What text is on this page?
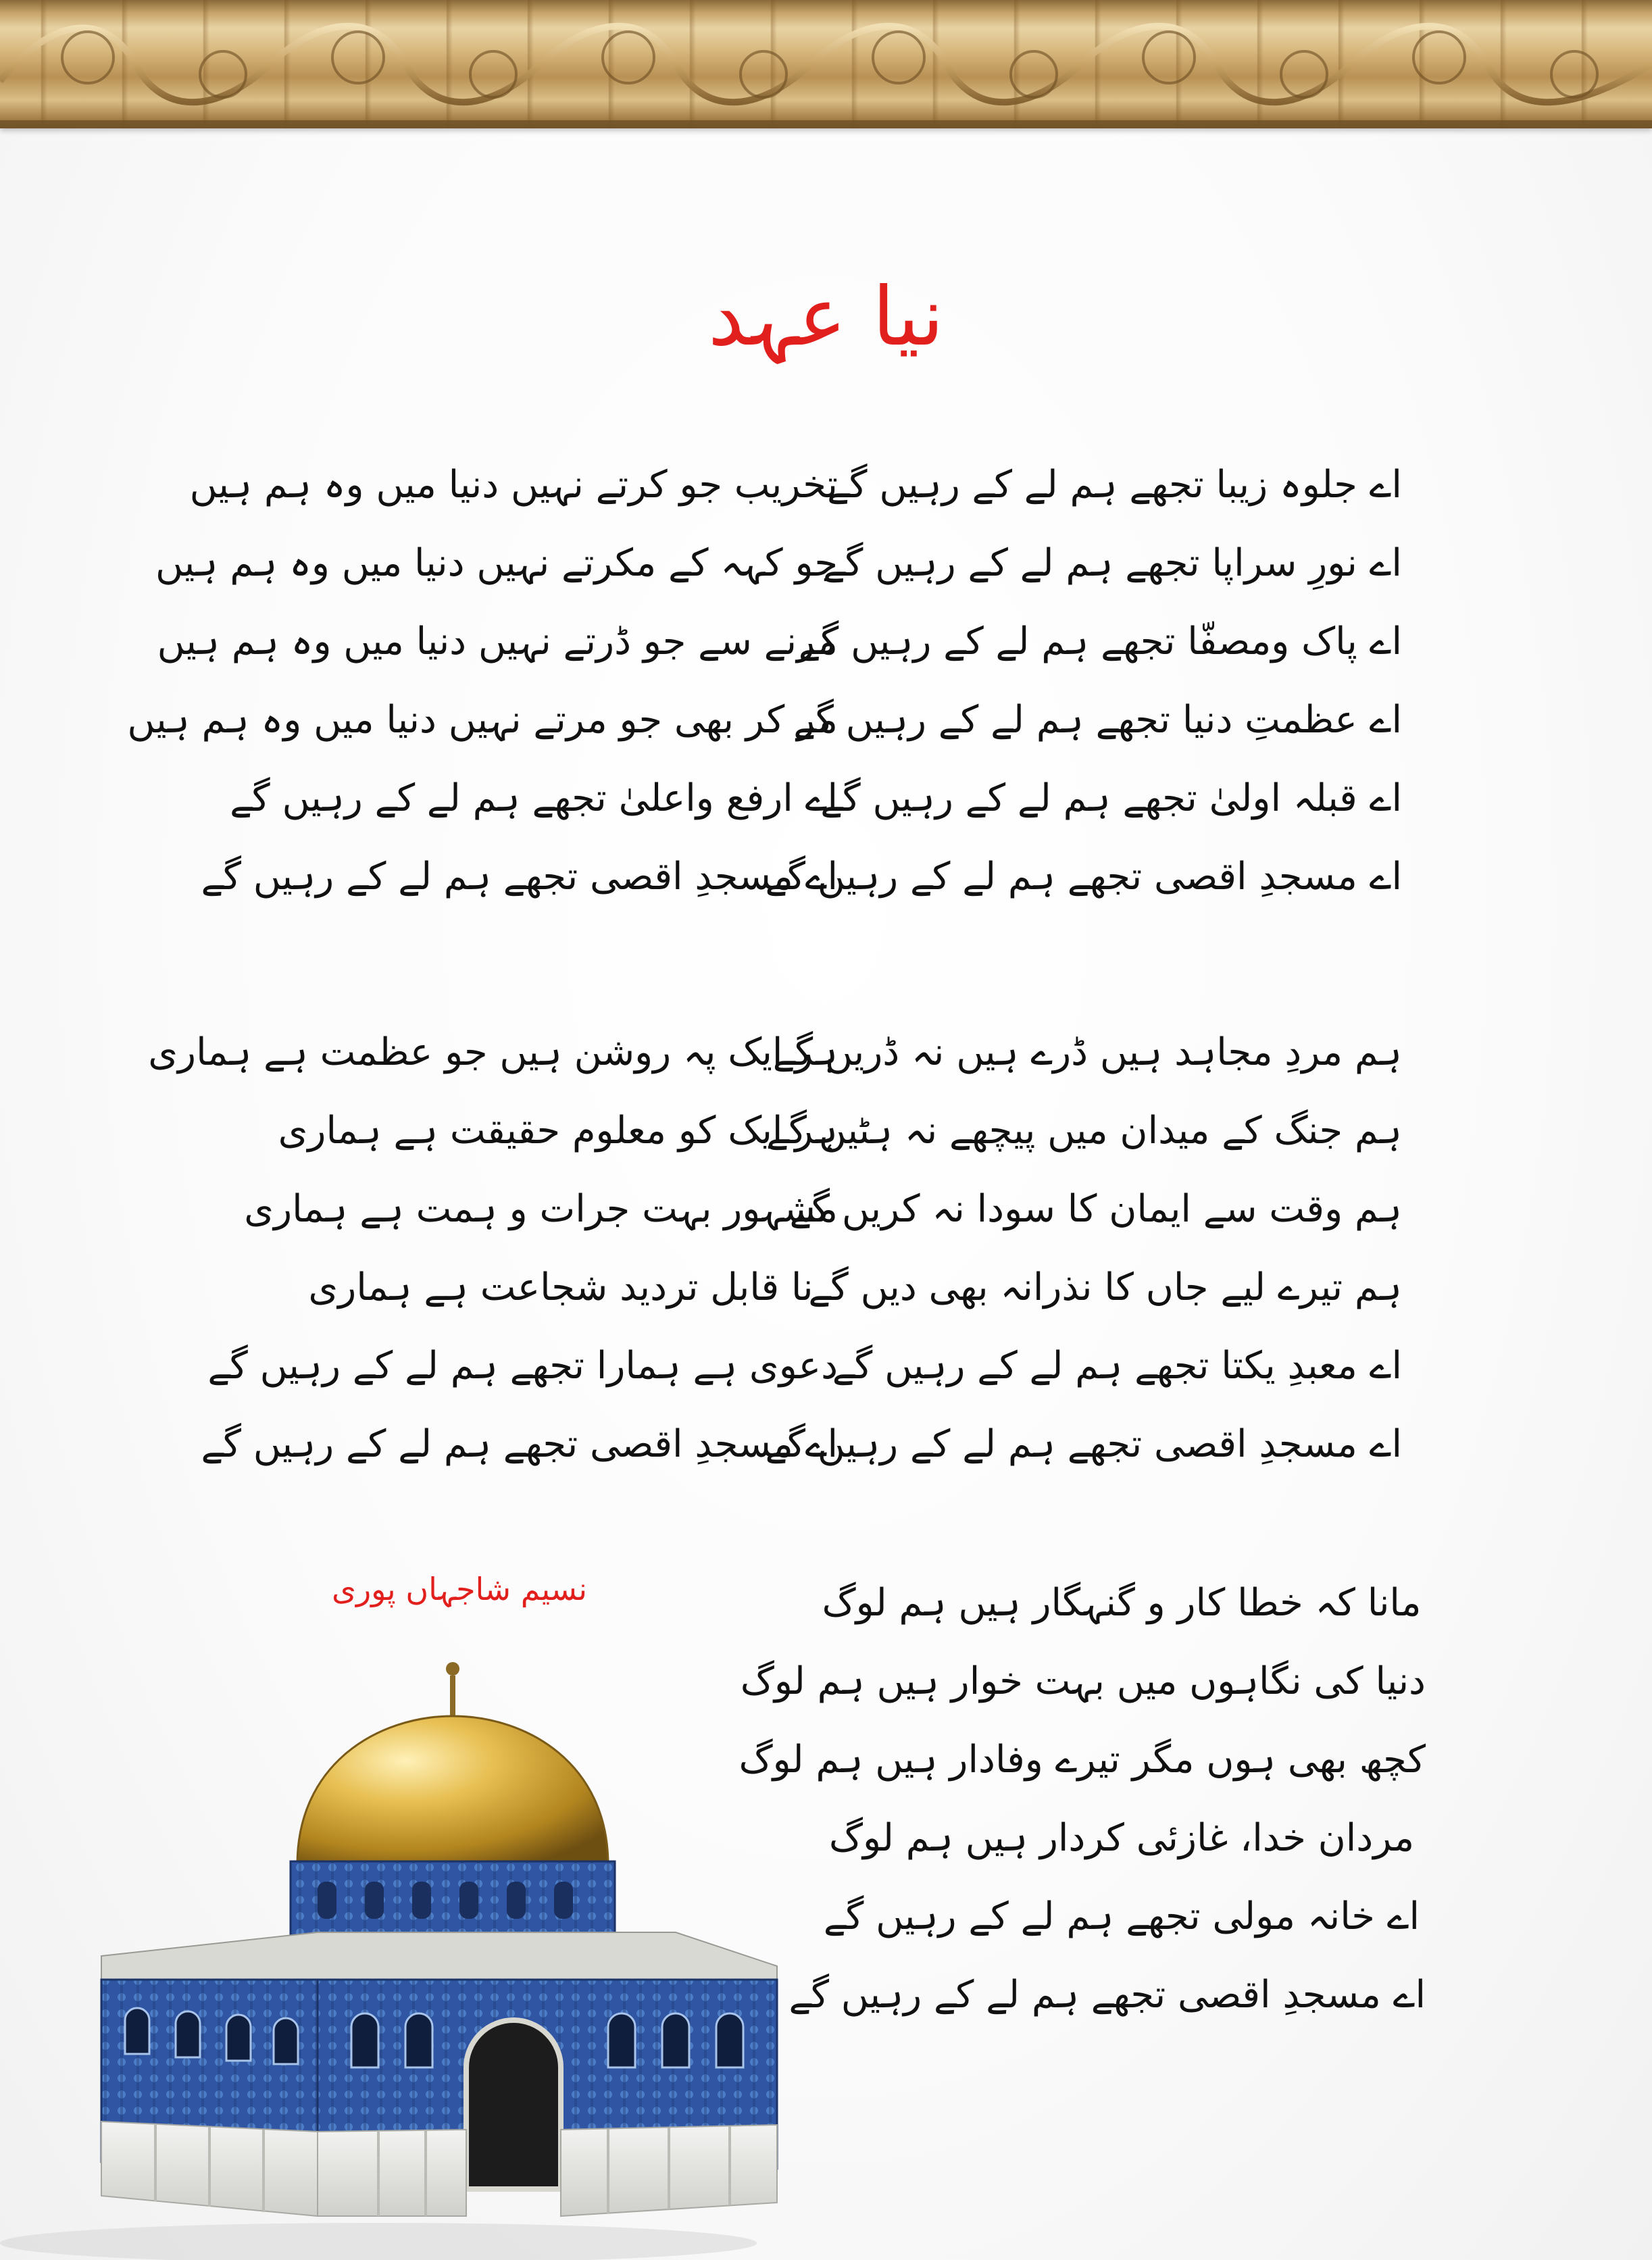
نیا عہد
اے جلوہ زیبا تجھے ہم لے کے رہیں گے
اے نورِ سراپا تجھے ہم لے کے رہیں گے
اے پاک ومصفّا تجھے ہم لے کے رہیں گے
اے عظمتِ دنیا تجھے ہم لے کے رہیں گے
اے قبلہ اولیٰ تجھے ہم لے کے رہیں گے
اے مسجدِ اقصی تجھے ہم لے کے رہیں گے
تخریب جو کرتے نہیں دنیا میں وہ ہم ہیں
جو کہہ کے مکرتے نہیں دنیا میں وہ ہم ہیں
مرنے سے جو ڈرتے نہیں دنیا میں وہ ہم ہیں
مر کر بھی جو مرتے نہیں دنیا میں وہ ہم ہیں
اے ارفع واعلیٰ تجھے ہم لے کے رہیں گے
اے مسجدِ اقصی تجھے ہم لے کے رہیں گے
ہم مردِ مجاہد ہیں ڈرے ہیں نہ ڈریں گے
ہم جنگ کے میدان میں پیچھے نہ ہٹیں گے
ہم وقت سے ایمان کا سودا نہ کریں گے
ہم تیرے لیے جاں کا نذرانہ بھی دیں گے
اے معبدِ یکتا تجھے ہم لے کے رہیں گے
اے مسجدِ اقصی تجھے ہم لے کے رہیں گے
ہر ایک پہ روشن ہیں جو عظمت ہے ہماری
ہر ایک کو معلوم حقیقت ہے ہماری
مشہور بہت جرات و ہمت ہے ہماری
نا قابل تردید شجاعت ہے ہماری
دعوی ہے ہمارا تجھے ہم لے کے رہیں گے
اے مسجدِ اقصی تجھے ہم لے کے رہیں گے
مانا کہ خطا کار و گنہگار ہیں ہم لوگ
دنیا کی نگاہوں میں بہت خوار ہیں ہم لوگ
کچھ بھی ہوں مگر تیرے وفادار ہیں ہم لوگ
مردان خدا، غازئی کردار ہیں ہم لوگ
اے خانہ مولی تجھے ہم لے کے رہیں گے
اے مسجدِ اقصی تجھے ہم لے کے رہیں گے
نسیم شاجہاں پوری
